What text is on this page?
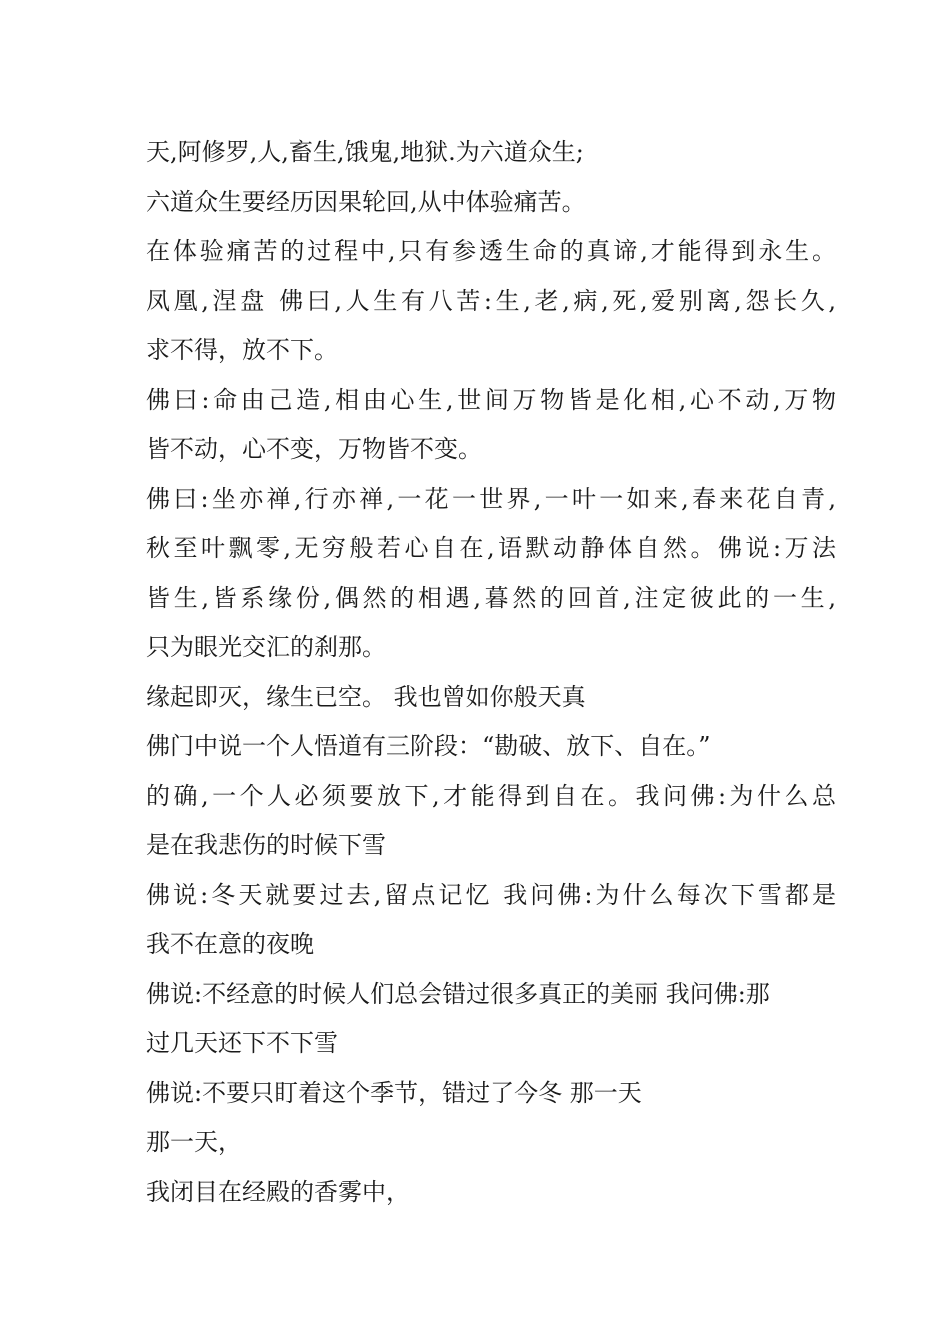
天,阿修罗,人,畜生,饿鬼,地狱.为六道众生;
六道众生要经历因果轮回,从中体验痛苦。
在体验痛苦的过程中,只有参透生命的真谛,才能得到永生。
凤凰,涅盘 佛曰,人生有八苦:生,老,病,死,爱别离,怨长久,
求不得，放不下。
佛曰:命由己造,相由心生,世间万物皆是化相,心不动,万物
皆不动，心不变，万物皆不变。
佛曰:坐亦禅,行亦禅,一花一世界,一叶一如来,春来花自青,
秋至叶飘零,无穷般若心自在,语默动静体自然。佛说:万法
皆生,皆系缘份,偶然的相遇,暮然的回首,注定彼此的一生,
只为眼光交汇的刹那。
缘起即灭，缘生已空。 我也曾如你般天真
佛门中说一个人悟道有三阶段：“勘破、放下、自在。”
的确,一个人必须要放下,才能得到自在。我问佛:为什么总
是在我悲伤的时候下雪
佛说:冬天就要过去,留点记忆 我问佛:为什么每次下雪都是
我不在意的夜晚
佛说:不经意的时候人们总会错过很多真正的美丽 我问佛:那
过几天还下不下雪
佛说:不要只盯着这个季节，错过了今冬 那一天
那一天，
我闭目在经殿的香雾中，
